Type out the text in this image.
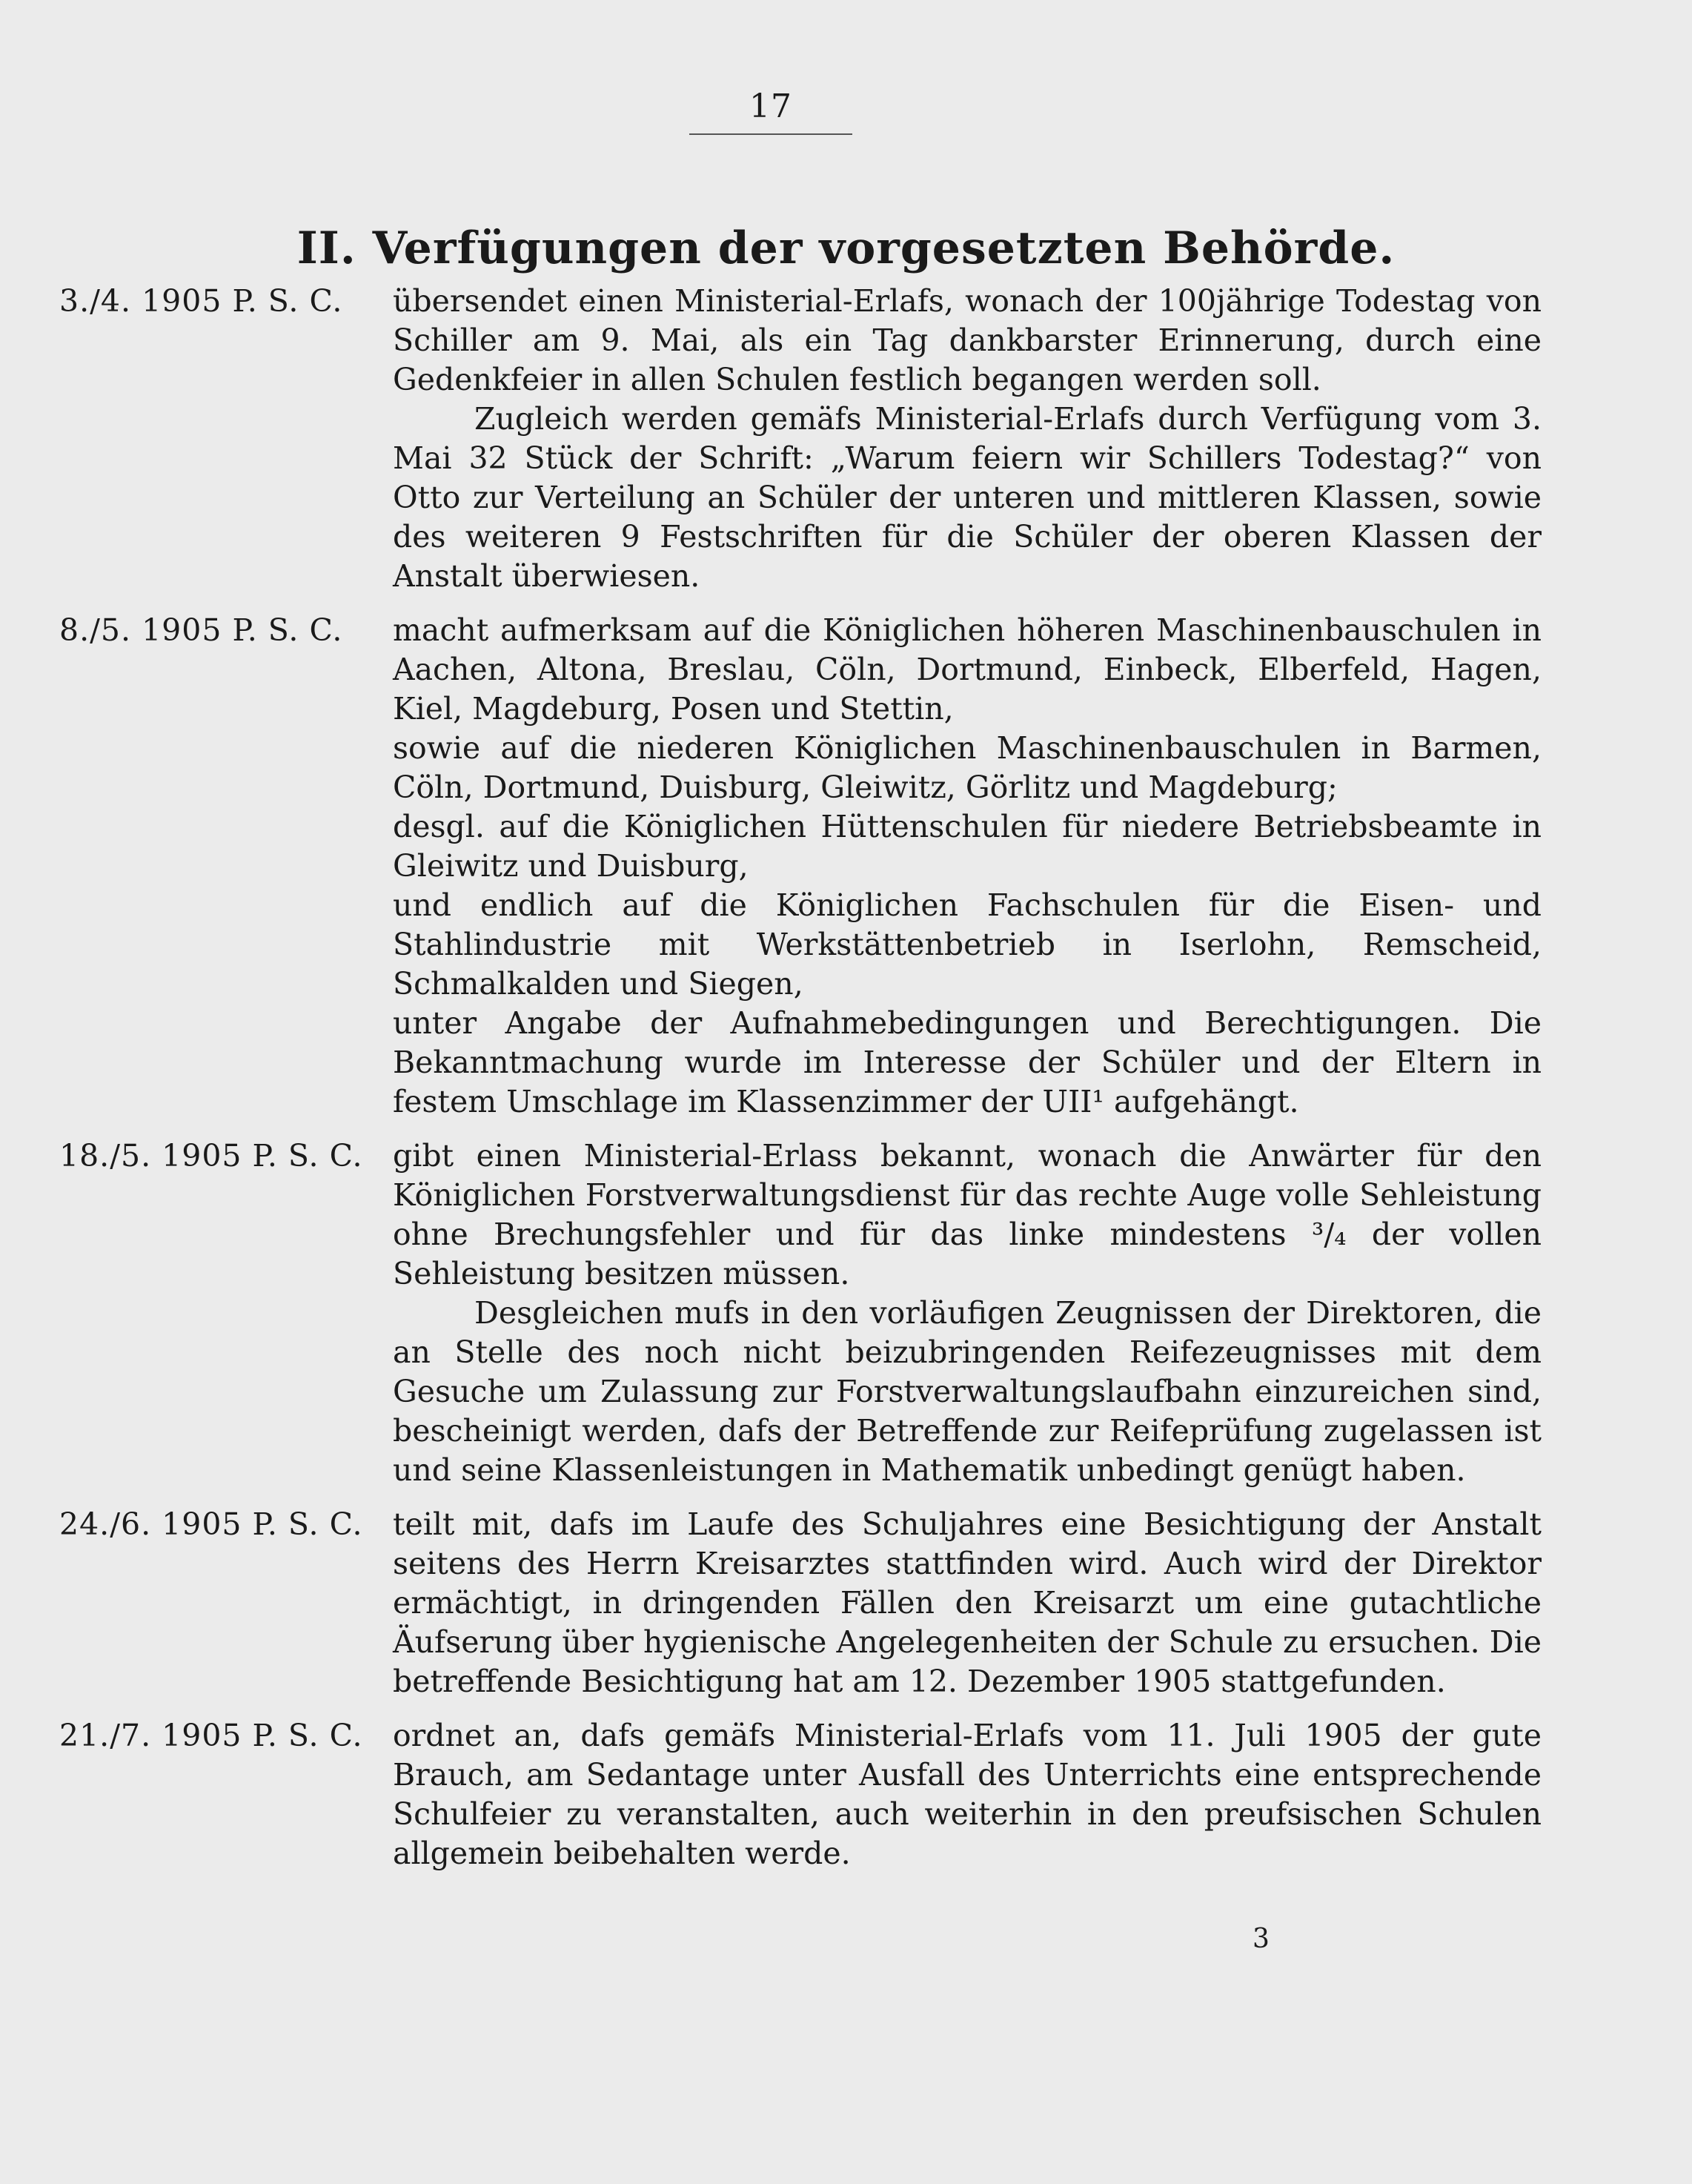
17
II. Verfügungen der vorgesetzten Behörde.
3./4. 1905 P. S. C.	übersendet einen Ministerial-Erlafs, wonach der 100jährige Todestag von Schiller am 9. Mai, als ein Tag dankbarster Erinnerung, durch eine Gedenkfeier in allen Schulen festlich begangen werden soll.

Zugleich werden gemäfs Ministerial-Erlafs durch Verfügung vom 3. Mai 32 Stück der Schrift: „Warum feiern wir Schillers Todestag?“ von Otto zur Verteilung an Schüler der unteren und mittleren Klassen, sowie des weiteren 9 Festschriften für die Schüler der oberen Klassen der Anstalt überwiesen.

8./5. 1905 P. S. C.	macht aufmerksam auf die Königlichen höheren Maschinenbauschulen in Aachen, Altona, Breslau, Cöln, Dortmund, Einbeck, Elberfeld, Hagen, Kiel, Magdeburg, Posen und Stettin,

sowie auf die niederen Königlichen Maschinenbauschulen in Barmen, Cöln, Dortmund, Duisburg, Gleiwitz, Görlitz und Magdeburg;

desgl. auf die Königlichen Hüttenschulen für niedere Betriebsbeamte in Gleiwitz und Duisburg,

und endlich auf die Königlichen Fachschulen für die Eisen- und Stahlindustrie mit Werkstättenbetrieb in Iserlohn, Remscheid, Schmalkalden und Siegen,

unter Angabe der Aufnahmebedingungen und Berechtigungen. Die Bekanntmachung wurde im Interesse der Schüler und der Eltern in festem Umschlage im Klassenzimmer der UII¹ aufgehängt.

18./5. 1905 P. S. C. gibt einen Ministerial-Erlass bekannt, wonach die Anwärter für den Königlichen Forstverwaltungsdienst für das rechte Auge volle Sehleistung ohne Brechungsfehler und für das linke mindestens ³/₄ der vollen Sehleistung besitzen müssen.

Desgleichen mufs in den vorläufigen Zeugnissen der Direktoren, die an Stelle des noch nicht beizubringenden Reifezeugnisses mit dem Gesuche um Zulassung zur Forstverwaltungslaufbahn einzureichen sind, bescheinigt werden, dafs der Betreffende zur Reifeprüfung zugelassen ist und seine Klassenleistungen in Mathematik unbedingt genügt haben.

24./6. 1905 P. S. C. teilt mit, dafs im Laufe des Schuljahres eine Besichtigung der Anstalt seitens des Herrn Kreisarztes stattfinden wird. Auch wird der Direktor ermächtigt, in dringenden Fällen den Kreisarzt um eine gutachtliche Äufserung über hygienische Angelegenheiten der Schule zu ersuchen. Die betreffende Besichtigung hat am 12. Dezember 1905 stattgefunden.

21./7. 1905 P. S. C. ordnet an, dafs gemäfs Ministerial-Erlafs vom 11. Juli 1905 der gute Brauch, am Sedantage unter Ausfall des Unterrichts eine entsprechende Schulfeier zu veranstalten, auch weiterhin in den preufsischen Schulen allgemein beibehalten werde.

3
